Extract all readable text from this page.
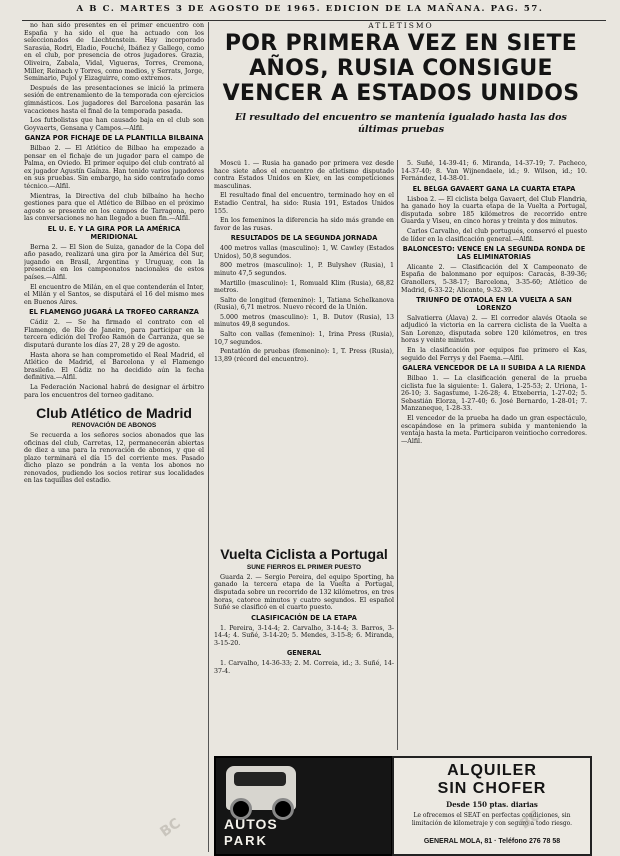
A B C. MARTES 3 DE AGOSTO DE 1965. EDICION DE LA MAÑANA. PAG. 57.

no han sido presentes en el primer encuentro con España y ha sido el que ha actuado con los seleccionados de Liechtenstein. Hay incorporado Sarasúa, Rodri, Eladio, Fouché, Ibáñez y Gallego, como en el club, por presencia de otros jugadores. Grazia, Oliveira, Zabala, Vidal, Vigueras, Torres, Cremona, Miller, Reinach y Torres, como medios, y Serrats, Jorge, Seminario, Pujol y Eizaguirre, como extremos.

Después de las presentaciones se inició la primera sesión de entrenamiento de la temporada con ejercicios gimnásticos. Los jugadores del Barcelona pasarán las vacaciones hasta el final de la temporada pasada.

Los futbolistas que han causado baja en el club son Goyvaerts, Gensana y Campos.—Alfil.

GANZA POR FICHAJE DE LA PLANTILLA BILBAINA

Bilbao 2. — El Atlético de Bilbao ha empezado a pensar en el fichaje de un jugador para el campo de Palma, en Oviedo. El primer equipo del club contrató al ex jugador Agustín Gaínza. Han tenido varios jugadores en sus pruebas. Sin embargo, ha sido contratado como técnico.—Alfil.

Mientras, la Directiva del club bilbaíno ha hecho gestiones para que el Atlético de Bilbao en el próximo agosto se presente en los campos de Tarragona, pero las conversaciones no han llegado a buen fin.—Alfil.

EL U. E. Y LA GIRA POR LA AMÉRICA MERIDIONAL

Berna 2. — El Sion de Suiza, ganador de la Copa del año pasado, realizará una gira por la América del Sur, jugando en Brasil, Argentina y Uruguay, con la presencia en los campeonatos nacionales de estos países.—Alfil.

El encuentro de Milán, en el que contenderán el Inter, el Milán y el Santos, se disputará el 16 del mismo mes en Buenos Aires.

EL FLAMENGO JUGARÁ LA TROFEO CARRANZA

Cádiz 2. — Se ha firmado el contrato con el Flamengo, de Río de Janeiro, para participar en la tercera edición del Trofeo Ramón de Carranza, que se disputará durante los días 27, 28 y 29 de agosto.

Hasta ahora se han comprometido el Real Madrid, el Atlético de Madrid, el Barcelona y el Flamengo brasileño. El Cádiz no ha decidido aún la fecha definitiva.—Alfil.

La Federación Nacional habrá de designar el árbitro para los encuentros del torneo gaditano.

Club Atlético de Madrid
RENOVACIÓN DE ABONOS

Se recuerda a los señores socios abonados que las oficinas del club, Carretas, 12, permanecerán abiertas de diez a una para la renovación de abonos, y que el plazo terminará el día 15 del corriente mes. Pasado dicho plazo se pondrán a la venta los abonos no renovados, pudiendo los socios retirar sus localidades en las taquillas del estadio.

ATLETISMO
POR PRIMERA VEZ EN SIETE AÑOS, RUSIA CONSIGUE VENCER A ESTADOS UNIDOS
El resultado del encuentro se mantenía igualado hasta las dos últimas pruebas

Moscú 1. — Rusia ha ganado por primera vez desde hace siete años el encuentro de atletismo disputado contra Estados Unidos en Kiev, en las competiciones masculinas.

El resultado final del encuentro, terminado hoy en el Estadio Central, ha sido: Rusia 191, Estados Unidos 155.

En los femeninos la diferencia ha sido más grande en favor de las rusas.

RESULTADOS DE LA SEGUNDA JORNADA

400 metros vallas (masculino): 1, W. Cawley (Estados Unidos), 50,8 segundos.

800 metros (masculino): 1, P. Bulyshev (Rusia), 1 minuto 47,5 segundos.

Martillo (masculino): 1, Romuald Klim (Rusia), 68,82 metros.

Salto de longitud (femenino): 1, Tatiana Schelkanova (Rusia), 6,71 metros. Nuevo récord de la Unión.

5.000 metros (masculino): 1, B. Dutov (Rusia), 13 minutos 49,8 segundos.

Salto con vallas (femenino): 1, Irina Press (Rusia), 10,7 segundos.

Pentatlón de pruebas (femenino): 1, T. Press (Rusia), 13,89 (récord del encuentro).

Vuelta Ciclista a Portugal
SUÑE FIERROS EL PRIMER PUESTO

Guarda 2. — Sergio Pereira, del equipo Sporting, ha ganado la tercera etapa de la Vuelta a Portugal, disputada sobre un recorrido de 132 kilómetros, en tres horas, catorce minutos y cuatro segundos. El español Suñé se clasificó en el cuarto puesto.

CLASIFICACIÓN DE LA ETAPA

1. Pereira, 3-14-4; 2. Carvalho, 3-14-4; 3. Barros, 3-14-4; 4. Suñé, 3-14-20; 5. Mendes, 3-15-8; 6. Miranda, 3-15-20.

GENERAL

1. Carvalho, 14-36-33; 2. M. Correia, id.; 3. Suñé, 14-37-4.

5. Suñé, 14-39-41; 6. Miranda, 14-37-19; 7. Pacheco, 14-37-40; 8. Van Wijnendaele, id.; 9. Wilson, id.; 10. Fernández, 14-38-01.

EL BELGA GAVAERT GANA LA CUARTA ETAPA

Lisboa 2. — El ciclista belga Gavaert, del Club Flandria, ha ganado hoy la cuarta etapa de la Vuelta a Portugal, disputada sobre 185 kilómetros de recorrido entre Guarda y Viseu, en cinco horas y treinta y dos minutos.

Carlos Carvalho, del club portugués, conservó el puesto de líder en la clasificación general.—Alfil.

BALONCESTO: VENCE EN LA SEGUNDA RONDA DE LAS ELIMINATORIAS

Alicante 2. — Clasificación del X Campeonato de España de balonmano por equipos: Caracas, 8-39-36; Granollers, 5-38-17; Barcelona, 3-35-60; Atlético de Madrid, 6-33-22; Alicante, 9-32-39.

TRIUNFO DE OTAOLA EN LA VUELTA A SAN LORENZO

Salvatierra (Álava) 2. — El corredor alavés Otaola se adjudicó la victoria en la carrera ciclista de la Vuelta a San Lorenzo, disputada sobre 120 kilómetros, en tres horas y veinte minutos.

En la clasificación por equipos fue primero el Kas, seguido del Ferrys y del Faema.—Alfil.

GALERA VENCEDOR DE LA II SUBIDA A LA RIENDA

Bilbao 1. — La clasificación general de la prueba ciclista fue la siguiente: 1. Galera, 1-25-53; 2. Uriona, 1-26-10; 3. Sagastume, 1-26-28; 4. Etxeberria, 1-27-02; 5. Sebastián Elorza, 1-27-40; 6. José Bernardo, 1-28-01; 7. Manzaneque, 1-28-33.

El vencedor de la prueba ha dado un gran espectáculo, escapándose en la primera subida y manteniendo la ventaja hasta la meta. Participaron veintiocho corredores.—Alfil.

AUTOS
PARK
ALQUILER
SIN CHOFER
Desde 150 ptas. diarias
Le ofrecemos el SEAT en perfectas condiciones, sin limitación de kilometraje y con seguro a todo riesgo.
GENERAL MOLA, 81 · Teléfono 276 78 58
BC
BC
